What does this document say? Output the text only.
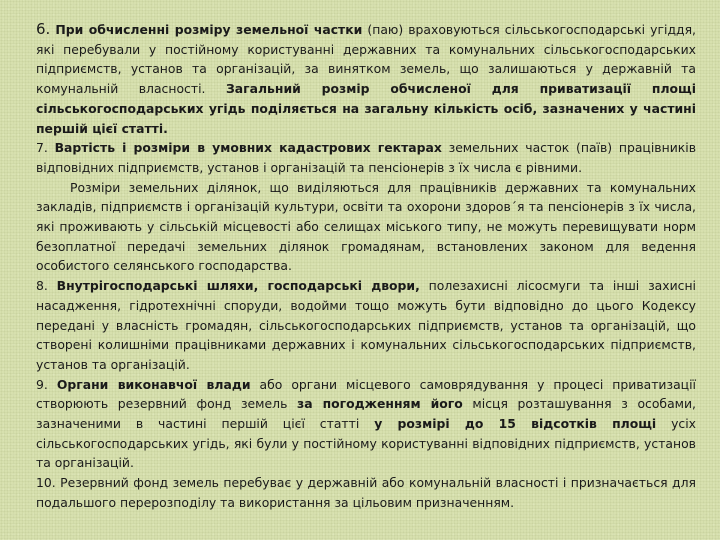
6. При обчисленні розміру земельної частки (паю) враховуються сільськогосподарські угіддя, які перебували у постійному користуванні державних та комунальних сільськогосподарських підприємств, установ та організацій, за винятком земель, що залишаються у державній та комунальній власності. Загальний розмір обчисленої для приватизації площі сільськогосподарських угідь поділяється на загальну кількість осіб, зазначених у частині першій цієї статті.

7. Вартість і розміри в умовних кадастрових гектарах земельних часток (паїв) працівників відповідних підприємств, установ і організацій та пенсіонерів з їх числа є рівними.

Розміри земельних ділянок, що виділяються для працівників державних та комунальних закладів, підприємств і організацій культури, освіти та охорони здоров´я та пенсіонерів з їх числа, які проживають у сільській місцевості або селищах міського типу, не можуть перевищувати норм безоплатної передачі земельних ділянок громадянам, встановлених законом для ведення особистого селянського господарства.

8. Внутрігосподарські шляхи, господарські двори, полезахисні лісосмуги та інші захисні насадження, гідротехнічні споруди, водойми тощо можуть бути відповідно до цього Кодексу передані у власність громадян, сільськогосподарських підприємств, установ та організацій, що створені колишніми працівниками державних і комунальних сільськогосподарських підприємств, установ та організацій.

9. Органи виконавчої влади або органи місцевого самоврядування у процесі приватизації створюють резервний фонд земель за погодженням його місця розташування з особами, зазначеними в частині першій цієї статті у розмірі до 15 відсотків площі усіх сільськогосподарських угідь, які були у постійному користуванні відповідних підприємств, установ та організацій.

10. Резервний фонд земель перебуває у державній або комунальній власності і призначається для подальшого перерозподілу та використання за цільовим призначенням.
